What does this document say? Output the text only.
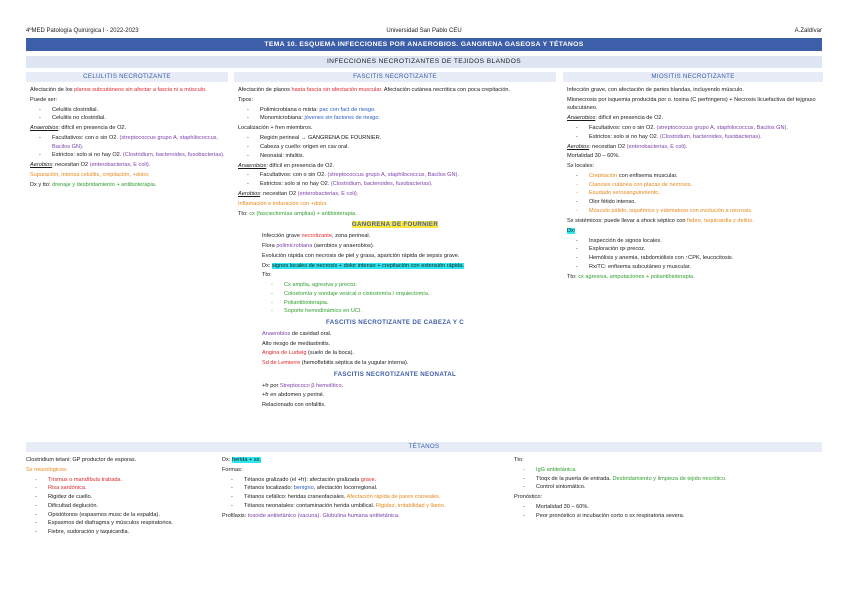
4ºMED Patología Quirúrgica I - 2022-2023	Universidad San Pablo CEU	A.Zaldívar
TEMA 10. ESQUEMA INFECCIONES POR ANAEROBIOS. GANGRENA GASEOSA Y TÉTANOS
INFECCIONES NECROTIZANTES DE TEJIDOS BLANDOS
CELULITIS NECROTIZANTE

Afectación de los planos subcutáneos sin afectar a fascia ni a músculo.

Puede ser:

- Celulitis clostridial.
- Celulitis no clostridial.

Anaerobios: difícil en presencia de O2.

- Facultativos: con o sin O2. (streptococcus grupo A, staphilococcus, Bacilos GN).
- Estrictos: solo si no hay O2. (Clostridium, bacteroides, fusobacterias).

Aerobios: necesitan O2 (enterobacterias, E coli).

Supuración, intensa celulitis, crepitación, +dolor.

Dx y tto: drenaje y desbridamiento + antibioterapia.

FASCITIS NECROTIZANTE

Afectación de planos hasta fascia sin afectación muscular. Afectación cutánea necrótica con poca crepitación.

Tipos:

- Polimicrobiana o mixta: pac con fact de riesgo.
- Monomicrobiana: jóvenes sin factores de riesgo.

Localización + fren miembros.

- Región perineal → GANGRENA DE FOURNIER.
- Cabeza y cuello: origen en cav oral.
- Neonatal: infalitis.

Anaerobios: difícil en presencia de O2.

- Facultativos: con o sin O2. (streptococcus grupo A, staphilococcus, Bacilos GN).
- Estrictos: solo si no hay O2. (Clostridium, bacteroides, fusobacterias).

Aerobios: necesitan O2 (enterobacterias, E coli).

Inflamación e induración con +dolor.

Tto: cx (fasciectomías amplias) + antibioterapia.

GANGRENA DE FOURNIER

Infección grave necrotizante, zona perineal.

Flora polimicrobiana (aerobios y anaerobios).

Evolución rápida con necrosis de piel y grasa, aparición rápida de sepsis grave.

Dx: signos locales de necrosis + dolor intenso + crepitación con extensión rápida.

Tto:

- Cx amplia, agresiva y precoz.
- Colostomía y sondaje vesical o cistostomía / orquiectomía.
- Poliantibioterapia.
- Soporte hemodinámico en UCI.
FASCITIS NECROTIZANTE DE CABEZA Y C

Anaerobios de cavidad oral.

Alto riesgo de mediastinitis.

Angina de Ludwig (suelo de la boca).

Sd de Lemierre (hemoflebitis séptica de la yugular interna).

FASCITIS NECROTIZANTE NEONATAL

+fr por Streptococo β hemolítico.

+fr en abdomen y periné.

Relacionado con onfalitis.

MIOSITIS NECROTIZANTE

Infección grave, con afectación de partes blandas, incluyendo músculo.

Mionecrosis por isquemia producida por o. toxina (C perfringens) + Necrosis licuefactiva del tejgraso subcutáneo.

Anaerobios: difícil en presencia de O2.

- Facultativos: con o sin O2. (streptococcus grupo A, staphilococcus, Bacilos GN).
- Estrictos: solo si no hay O2. (Clostridium, bacteroides, fusobacterias).

Aerobios: necesitan O2 (enterobacterias, E coli).

Mortalidad 30 – 60%.

Sx locales:

- Crepitación con enfisema muscular.
- Cianosis cutánea con placas de necrosis.
- Exudado serosanguinolento.
- Olor fétido intenso.
- Músculo pálido, isquémico y edematoso con evolución a necrosis.

Sx sistémicos: puede llevar a shock séptico con fiebre, taquicardia y delirio.

Dx:

- Inspección de signos locales.
- Exploración qx precoz.
- Hemólisis y anemia, rabdomiólisis con ↑CPK, leucocitosis.
- Rx/TC: enfisema subcutáneo y muscular.

Tto: cx agresiva, amputaciones + poliantibioterapia.

TÉTANOS

Clostridium tetani: GP productor de esporas.

Sx neurológicos:

- Trismus o mandíbula trabada.
- Risa sardónica.
- Rigidez de cuello.
- Dificultad deglución.
- Opistótonos (espasmos musc de la espalda).
- Espasmos del diafragma y músculos respiratorios.
- Fiebre, sudoración y taquicardia.

Dx: herida + sx.

Formas:

- Tétanos gralizado (el +fr): afectación gralizada grave.
- Tétanos localizado: benigno, afectación locorregional.
- Tétanos cefálico: heridas craneofaciales. Afectación rápida de pares craneales.
- Tétanos neonatales: contaminación herida umbilical. Rigidez, irritabilidad y llanto.

Profilaxis: toxoide antitetánico (vacuna). Globulina humana antitetánica.

Tto:

- IgG antitetánica.
- Ttoqx de la puerta de entrada. Desbridamiento y limpieza de tejido necrótico.
- Control sintomático.

Pronóstico:

- Mortalidad 30 – 60%.
- Peor pronóstico si incubación corto o sx respiratoria severa.
